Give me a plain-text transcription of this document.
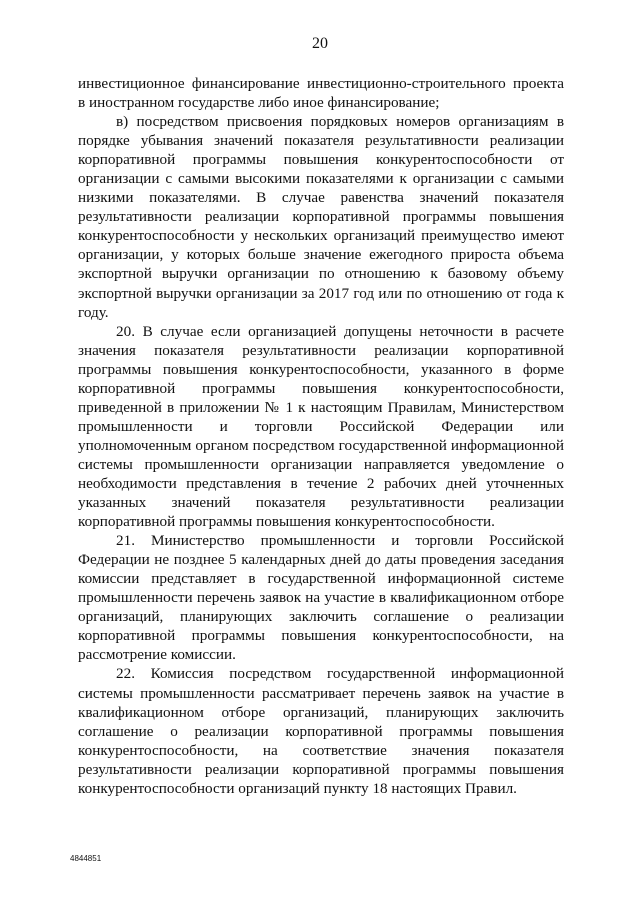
20

инвестиционное финансирование инвестиционно-строительного проекта в иностранном государстве либо иное финансирование;

в) посредством присвоения порядковых номеров организациям в порядке убывания значений показателя результативности реализации корпоративной программы повышения конкурентоспособности от организации с самыми высокими показателями к организации с самыми низкими показателями. В случае равенства значений показателя результативности реализации корпоративной программы повышения конкурентоспособности у нескольких организаций преимущество имеют организации, у которых больше значение ежегодного прироста объема экспортной выручки организации по отношению к базовому объему экспортной выручки организации за 2017 год или по отношению от года к году.

20. В случае если организацией допущены неточности в расчете значения показателя результативности реализации корпоративной программы повышения конкурентоспособности, указанного в форме корпоративной программы повышения конкурентоспособности, приведенной в приложении № 1 к настоящим Правилам, Министерством промышленности и торговли Российской Федерации или уполномоченным органом посредством государственной информационной системы промышленности организации направляется уведомление о необходимости представления в течение 2 рабочих дней уточненных указанных значений показателя результативности реализации корпоративной программы повышения конкурентоспособности.

21. Министерство промышленности и торговли Российской Федерации не позднее 5 календарных дней до даты проведения заседания комиссии представляет в государственной информационной системе промышленности перечень заявок на участие в квалификационном отборе организаций, планирующих заключить соглашение о реализации корпоративной программы повышения конкурентоспособности, на рассмотрение комиссии.

22. Комиссия посредством государственной информационной системы промышленности рассматривает перечень заявок на участие в квалификационном отборе организаций, планирующих заключить соглашение о реализации корпоративной программы повышения конкурентоспособности, на соответствие значения показателя результативности реализации корпоративной программы повышения конкурентоспособности организаций пункту 18 настоящих Правил.

4844851
